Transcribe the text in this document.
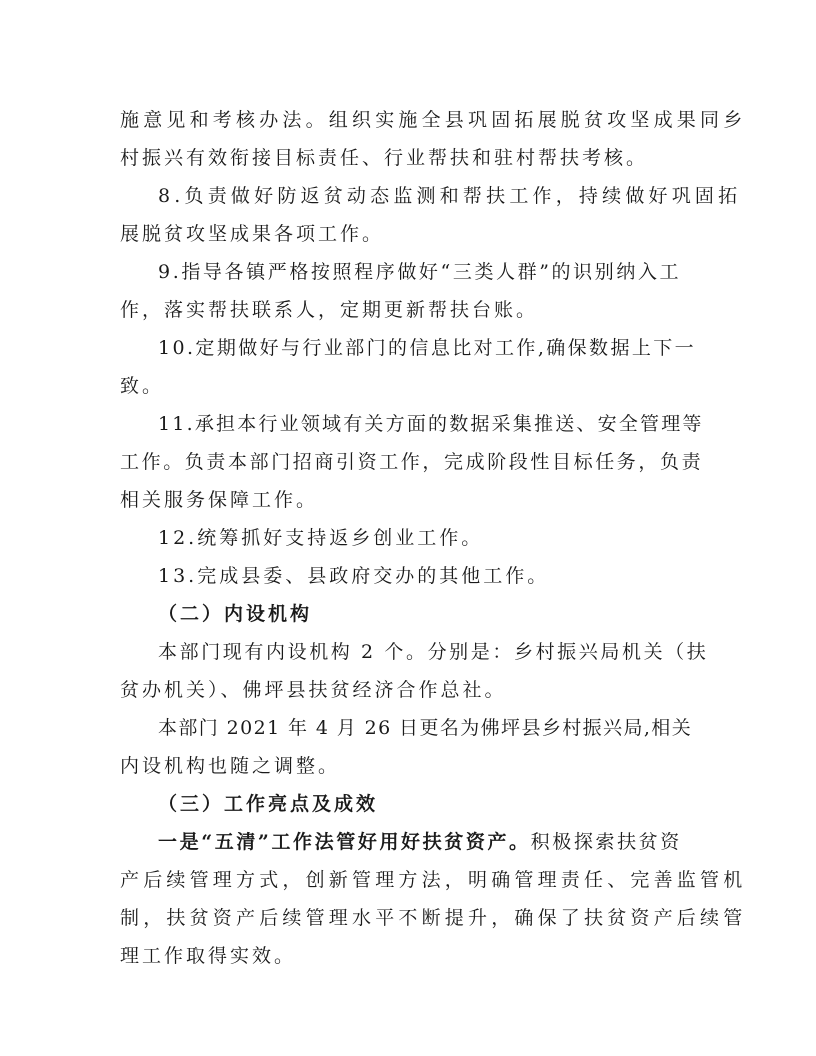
施意见和考核办法。组织实施全县巩固拓展脱贫攻坚成果同乡
村振兴有效衔接目标责任、行业帮扶和驻村帮扶考核。
8.负责做好防返贫动态监测和帮扶工作，持续做好巩固拓
展脱贫攻坚成果各项工作。
9.指导各镇严格按照程序做好“三类人群”的识别纳入工
作，落实帮扶联系人，定期更新帮扶台账。
10.定期做好与行业部门的信息比对工作,确保数据上下一
致。
11.承担本行业领域有关方面的数据采集推送、安全管理等
工作。负责本部门招商引资工作，完成阶段性目标任务，负责
相关服务保障工作。
12.统筹抓好支持返乡创业工作。
13.完成县委、县政府交办的其他工作。
（二）内设机构
本部门现有内设机构 2 个。分别是：乡村振兴局机关（扶
贫办机关）、佛坪县扶贫经济合作总社。
本部门 2021 年 4 月 26 日更名为佛坪县乡村振兴局,相关
内设机构也随之调整。
（三）工作亮点及成效
一是“五清”工作法管好用好扶贫资产。积极探索扶贫资
产后续管理方式，创新管理方法，明确管理责任、完善监管机
制，扶贫资产后续管理水平不断提升，确保了扶贫资产后续管
理工作取得实效。
